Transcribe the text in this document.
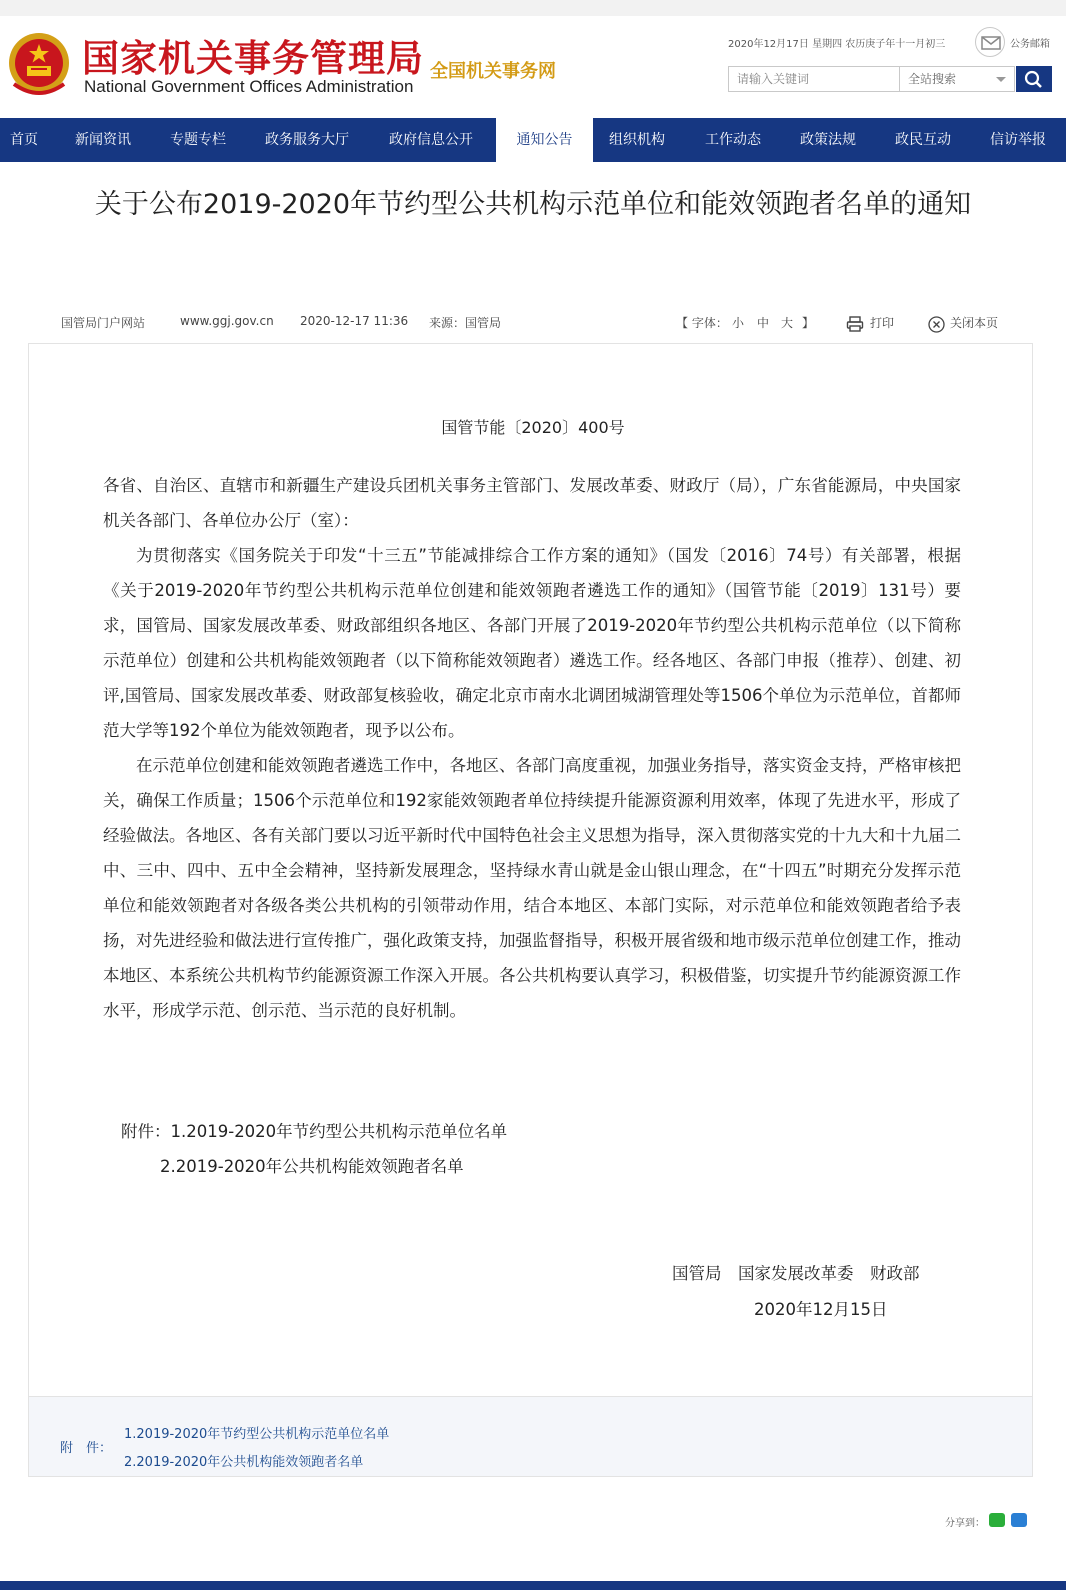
国家机关事务管理局
National Government Offices Administration
全国机关事务网
2020年12月17日 星期四 农历庚子年十一月初三	公务邮箱
请输入关键词	全站搜索
首页	新闻资讯	专题专栏	政务服务大厅	政府信息公开	通知公告	组织机构	工作动态	政策法规	政民互动	信访举报
关于公布2019-2020年节约型公共机构示范单位和能效领跑者名单的通知
国管局门户网站	www.ggj.gov.cn 2020-12-17 11:36 来源：国管局	【 字体： 小 中 大 】	打印	关闭本页
国管节能〔2020〕400号

各省、自治区、直辖市和新疆生产建设兵团机关事务主管部门、发展改革委、财政厅（局），广东省能源局，中央国家机关各部门、各单位办公厅（室）：

为贯彻落实《国务院关于印发“十三五”节能减排综合工作方案的通知》（国发〔2016〕74号）有关部署，根据《关于2019-2020年节约型公共机构示范单位创建和能效领跑者遴选工作的通知》（国管节能〔2019〕131号）要求，国管局、国家发展改革委、财政部组织各地区、各部门开展了2019-2020年节约型公共机构示范单位（以下简称示范单位）创建和公共机构能效领跑者（以下简称能效领跑者）遴选工作。经各地区、各部门申报（推荐）、创建、初评,国管局、国家发展改革委、财政部复核验收，确定北京市南水北调团城湖管理处等1506个单位为示范单位，首都师范大学等192个单位为能效领跑者，现予以公布。

在示范单位创建和能效领跑者遴选工作中，各地区、各部门高度重视，加强业务指导，落实资金支持，严格审核把关，确保工作质量；1506个示范单位和192家能效领跑者单位持续提升能源资源利用效率，体现了先进水平，形成了经验做法。各地区、各有关部门要以习近平新时代中国特色社会主义思想为指导，深入贯彻落实党的十九大和十九届二中、三中、四中、五中全会精神，坚持新发展理念，坚持绿水青山就是金山银山理念，在“十四五”时期充分发挥示范单位和能效领跑者对各级各类公共机构的引领带动作用，结合本地区、本部门实际，对示范单位和能效领跑者给予表扬，对先进经验和做法进行宣传推广，强化政策支持，加强监督指导，积极开展省级和地市级示范单位创建工作，推动本地区、本系统公共机构节约能源资源工作深入开展。各公共机构要认真学习，积极借鉴，切实提升节约能源资源工作水平，形成学示范、创示范、当示范的良好机制。

附件：1.2019-2020年节约型公共机构示范单位名单
2.2019-2020年公共机构能效领跑者名单
国管局　国家发展改革委　财政部
2020年12月15日
附　件：
1.2019-2020年节约型公共机构示范单位名单
2.2019-2020年公共机构能效领跑者名单
分享到：
